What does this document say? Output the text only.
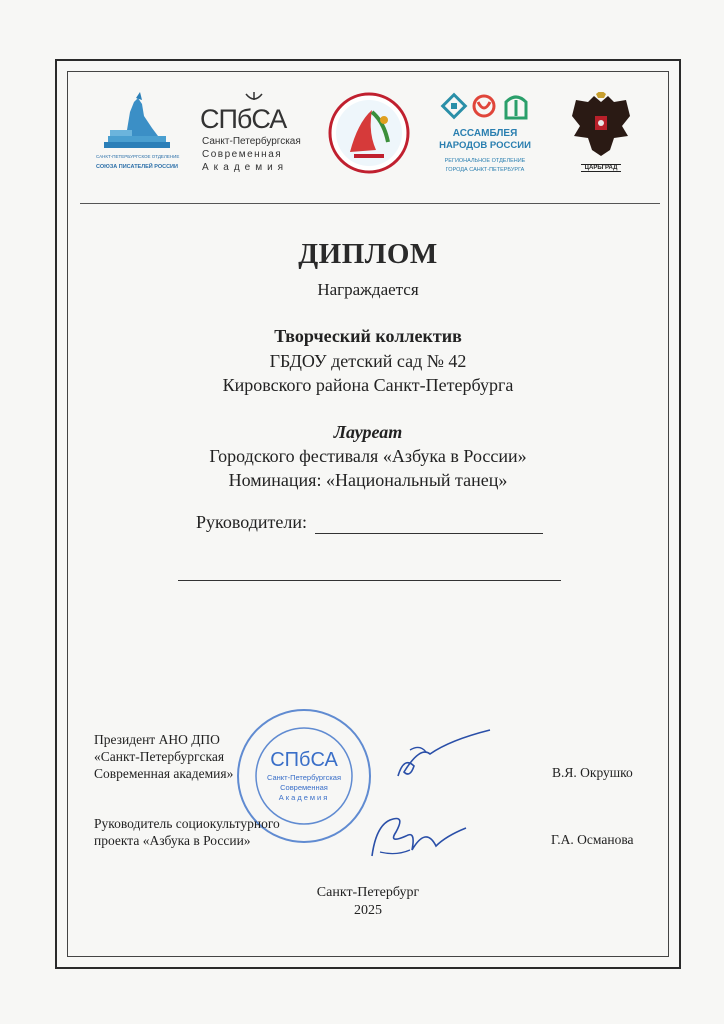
САНКТ-ПЕТЕРБУРГСКОЕ ОТДЕЛЕНИЕ
СОЮЗА ПИСАТЕЛЕЙ РОССИИ
СПбСА
Санкт-Петербургская
Современная
Академия
АССАМБЛЕЯ
НАРОДОВ РОССИИ
РЕГИОНАЛЬНОЕ ОТДЕЛЕНИЕ
ГОРОДА САНКТ-ПЕТЕРБУРГА	ЦАРЬГРАД
ДИПЛОМ
Награждается
Творческий коллектив
ГБДОУ детский сад № 42
Кировского района Санкт-Петербурга
Лауреат
Городского фестиваля «Азбука в России»
Номинация: «Национальный танец»
Руководители:
СПбСА
Санкт-Петербургская
Современная
Академия
Президент АНО ДПО
«Санкт-Петербургская
Современная академия»	В.Я. Окрушко
Руководитель социокультурного
проекта «Азбука в России»	Г.А. Османова
Санкт-Петербург
2025
